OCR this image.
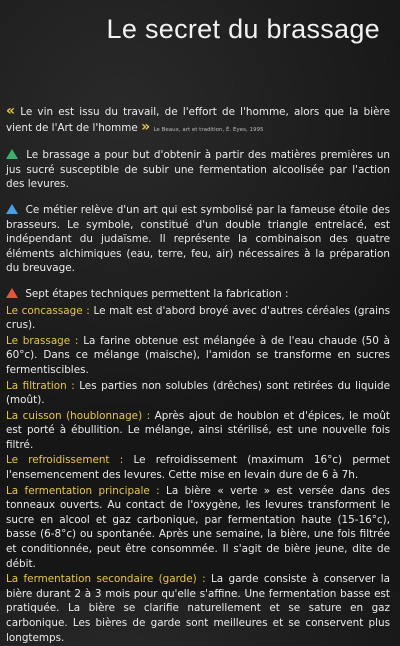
Le secret du brassage

« Le vin est issu du travail, de l'effort de l'homme, alors que la bière vient de l'Art de l'homme » Le Beaux, art et tradition, É. Eyes, 1995

Le brassage a pour but d'obtenir à partir des matières premières un jus sucré susceptible de subir une fermentation alcoolisée par l'action des levures.

Ce métier relève d'un art qui est symbolisé par la fameuse étoile des brasseurs. Le symbole, constitué d'un double triangle entrelacé, est indépendant du judaïsme. Il représente la combinaison des quatre éléments alchimiques (eau, terre, feu, air) nécessaires à la préparation du breuvage.

Sept étapes techniques permettent la fabrication :

Le concassage : Le malt est d'abord broyé avec d'autres céréales (grains crus).

Le brassage : La farine obtenue est mélangée à de l'eau chaude (50 à 60°c). Dans ce mélange (maische), l'amidon se transforme en sucres fermentiscibles.

La filtration : Les parties non solubles (drêches) sont retirées du liquide (moût).

La cuisson (houblonnage) : Après ajout de houblon et d'épices, le moût est porté à ébullition. Le mélange, ainsi stérilisé, est une nouvelle fois filtré.

Le refroidissement : Le refroidissement (maximum 16°c) permet l'ensemencement des levures. Cette mise en levain dure de 6 à 7h.

La fermentation principale : La bière « verte » est versée dans des tonneaux ouverts. Au contact de l'oxygène, les levures transforment le sucre en alcool et gaz carbonique, par fermentation haute (15-16°c), basse (6-8°c) ou spontanée. Après une semaine, la bière, une fois filtrée et conditionnée, peut être consommée. Il s'agit de bière jeune, dite de débit.

La fermentation secondaire (garde) : La garde consiste à conserver la bière durant 2 à 3 mois pour qu'elle s'affine. Une fermentation basse est pratiquée. La bière se clarifie naturellement et se sature en gaz carbonique. Les bières de garde sont meilleures et se conservent plus longtemps.
